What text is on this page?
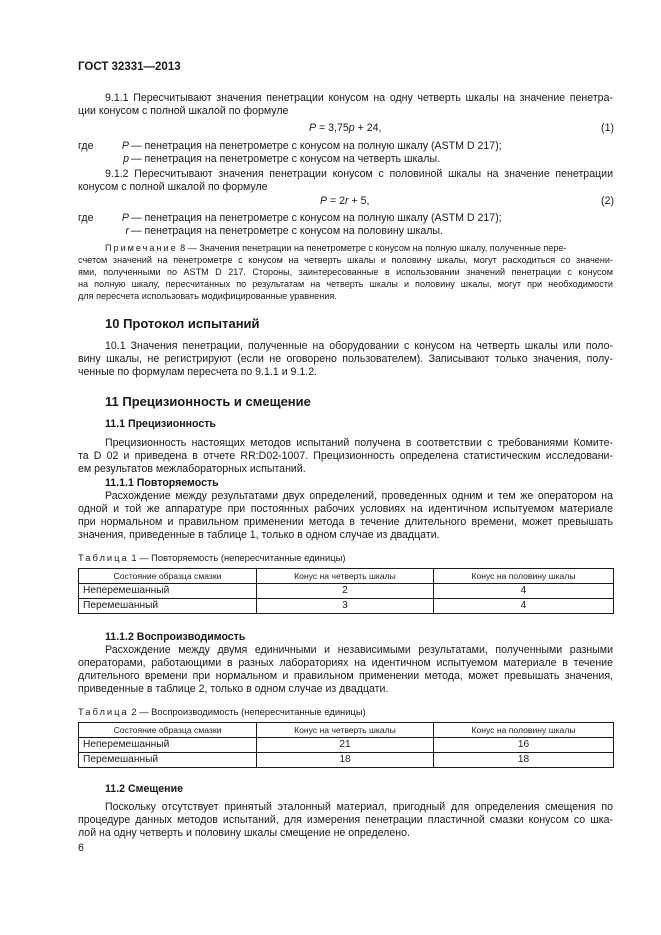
ГОСТ 32331—2013
9.1.1 Пересчитывают значения пенетрации конусом на одну четверть шкалы на значение пенетра-
ции конусом с полной шкалой по формуле
P = 3,75p + 24,	(1)
где	P — пенетрация на пенетрометре с конусом на полную шкалу (ASTM D 217);
p — пенетрация на пенетрометре с конусом на четверть шкалы.
9.1.2 Пересчитывают значения пенетрации конусом с половиной шкалы на значение пенетрации
конусом с полной шкалой по формуле
P = 2r + 5,	(2)
где	P — пенетрация на пенетрометре с конусом на полную шкалу (ASTM D 217);
r — пенетрация на пенетрометре с конусом на половину шкалы.
Примечание 8 — Значения пенетрации на пенетрометре с конусом на полную шкалу, полученные пере-
счетом значений на пенетрометре с конусом на четверть шкалы и половину шкалы, могут расходиться со значени-
ями, полученными по ASTM D 217. Стороны, заинтересованные в использовании значений пенетрации с конусом
на полную шкалу, пересчитанных по результатам на четверть шкалы и половину шкалы, могут при необходимости
для пересчета использовать модифицированные уравнения.
10 Протокол испытаний
10.1 Значения пенетрации, полученные на оборудовании с конусом на четверть шкалы или поло-
вину шкалы, не регистрируют (если не оговорено пользователем). Записывают только значения, полу-
ченные по формулам пересчета по 9.1.1 и 9.1.2.
11 Прецизионность и смещение
11.1 Прецизионность
Прецизионность настоящих методов испытаний получена в соответствии с требованиями Комите-
та D 02 и приведена в отчете RR:D02-1007. Прецизионность определена статистическим исследовани-
ем результатов межлабораторных испытаний.
11.1.1 Повторяемость
Расхождение между результатами двух определений, проведенных одним и тем же оператором на
одной и той же аппаратуре при постоянных рабочих условиях на идентичном испытуемом материале
при нормальном и правильном применении метода в течение длительного времени, может превышать
значения, приведенные в таблице 1, только в одном случае из двадцати.
Таблица 1 — Повторяемость (непересчитанные единицы)
Состояние образца смазки	Конус на четверть шкалы	Конус на половину шкалы
Неперемешанный	2	4
Перемешанный	3	4
11.1.2 Воспроизводимость
Расхождение между двумя единичными и независимыми результатами, полученными разными
операторами, работающими в разных лабораториях на идентичном испытуемом материале в течение
длительного времени при нормальном и правильном применении метода, может превышать значения,
приведенные в таблице 2, только в одном случае из двадцати.
Таблица 2 — Воспроизводимость (непересчитанные единицы)
Состояние образца смазки	Конус на четверть шкалы	Конус на половину шкалы
Неперемешанный	21	16
Перемешанный	18	18
11.2 Смещение
Поскольку отсутствует принятый эталонный материал, пригодный для определения смещения по
процедуре данных методов испытаний, для измерения пенетрации пластичной смазки конусом со шка-
лой на одну четверть и половину шкалы смещение не определено.
6
